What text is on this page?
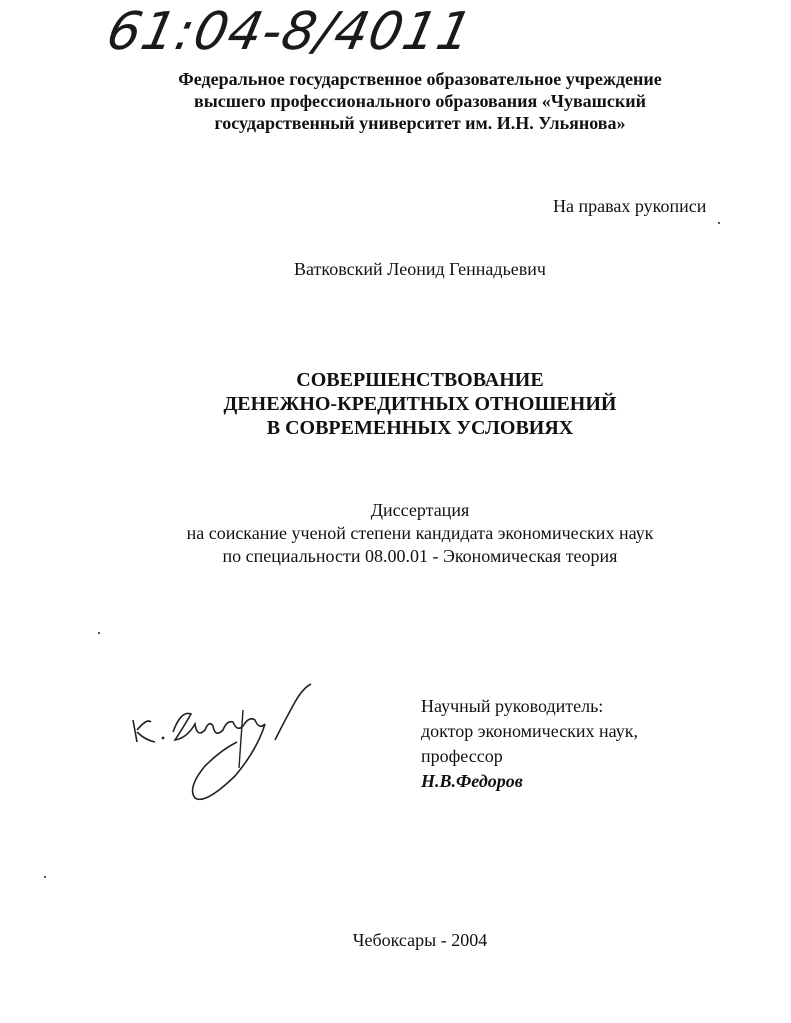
61:04-8/4011
Федеральное государственное образовательное учреждение
высшего профессионального образования «Чувашский
государственный университет им. И.Н. Ульянова»
На правах рукописи
Ватковский Леонид Геннадьевич
СОВЕРШЕНСТВОВАНИЕ
ДЕНЕЖНО-КРЕДИТНЫХ ОТНОШЕНИЙ
В СОВРЕМЕННЫХ УСЛОВИЯХ
Диссертация
на соискание ученой степени кандидата экономических наук
по специальности 08.00.01 - Экономическая теория
Научный руководитель:
доктор экономических наук,
профессор
Н.В.Федоров
Чебоксары - 2004
